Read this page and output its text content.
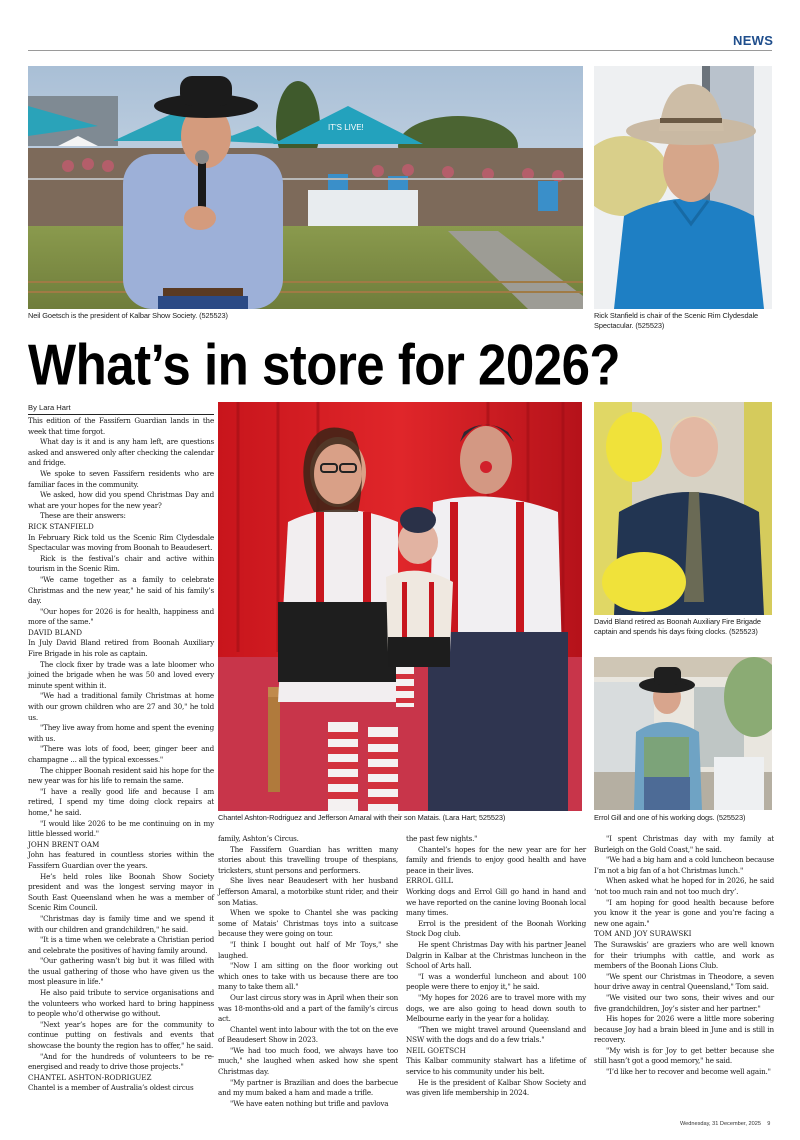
NEWS
IT'S LIVE!
Neil Goetsch is the president of Kalbar Show Society. (525523)	Rick Stanfield is chair of the Scenic Rim Clydesdale Spectacular. (525523)
What’s in store for 2026?
By Lara Hart
Chantel Ashton-Rodriguez and Jefferson Amaral with their son Matais. (Lara Hart; 525523)
David Bland retired as Boonah Auxiliary Fire Brigade captain and spends his days fixing clocks. (525523)
Errol Gill and one of his working dogs. (525523)

This edition of the Fassifern Guardian lands in the week that time forgot.

What day is it and is any ham left, are questions asked and answered only after checking the calendar and fridge.

We spoke to seven Fassifern residents who are familiar faces in the community.

We asked, how did you spend Christmas Day and what are your hopes for the new year?

These are their answers:

RICK STANFIELD

In February Rick told us the Scenic Rim Clydesdale Spectacular was moving from Boonah to Beaudesert.

Rick is the festival’s chair and active within tourism in the Scenic Rim.

"We came together as a family to celebrate Christmas and the new year," he said of his family’s day.

"Our hopes for 2026 is for health, happiness and more of the same."

DAVID BLAND

In July David Bland retired from Boonah Auxiliary Fire Brigade in his role as captain.

The clock fixer by trade was a late bloomer who joined the brigade when he was 50 and loved every minute spent within it.

"We had a traditional family Christmas at home with our grown children who are 27 and 30," he told us.

"They live away from home and spent the evening with us.

"There was lots of food, beer, ginger beer and champagne ... all the typical excesses."

The chipper Boonah resident said his hope for the new year was for his life to remain the same.

"I have a really good life and because I am retired, I spend my time doing clock repairs at home," he said.

"I would like 2026 to be me continuing on in my little blessed world."

JOHN BRENT OAM

John has featured in countless stories within the Fassifern Guardian over the years.

He’s held roles like Boonah Show Society president and was the longest serving mayor in South East Queensland when he was a member of Scenic Rim Council.

"Christmas day is family time and we spend it with our children and grandchildren," he said.

"It is a time when we celebrate a Christian period and celebrate the positives of having family around.

"Our gathering wasn’t big but it was filled with the usual gathering of those who have given us the most pleasure in life."

He also paid tribute to service organisations and the volunteers who worked hard to bring happiness to people who’d otherwise go without.

"Next year’s hopes are for the community to continue putting on festivals and events that showcase the bounty the region has to offer," he said.

"And for the hundreds of volunteers to be re-energised and ready to drive those projects."

CHANTEL ASHTON-RODRIGUEZ

Chantel is a member of Australia’s oldest circus

family, Ashton’s Circus.

The Fassifern Guardian has written many stories about this travelling troupe of thespians, tricksters, stunt persons and performers.

She lives near Beaudesert with her husband Jefferson Amaral, a motorbike stunt rider, and their son Matias.

When we spoke to Chantel she was packing some of Matais’ Christmas toys into a suitcase because they were going on tour.

"I think I bought out half of Mr Toys," she laughed.

"Now I am sitting on the floor working out which ones to take with us because there are too many to take them all."

Our last circus story was in April when their son was 18-months-old and a part of the family’s circus act.

Chantel went into labour with the tot on the eve of Beaudesert Show in 2023.

"We had too much food, we always have too much," she laughed when asked how she spent Christmas day.

"My partner is Brazilian and does the barbecue and my mum baked a ham and made a trifle.

"We have eaten nothing but trifle and pavlova

the past few nights."

Chantel’s hopes for the new year are for her family and friends to enjoy good health and have peace in their lives.

ERROL GILL

Working dogs and Errol Gill go hand in hand and we have reported on the canine loving Boonah local many times.

Errol is the president of the Boonah Working Stock Dog club.

He spent Christmas Day with his partner Jeanel Dalgrin in Kalbar at the Christmas luncheon in the School of Arts hall.

"I was a wonderful luncheon and about 100 people were there to enjoy it," he said.

"My hopes for 2026 are to travel more with my dogs, we are also going to head down south to Melbourne early in the year for a holiday.

"Then we might travel around Queensland and NSW with the dogs and do a few trials."

NEIL GOETSCH

This Kalbar community stalwart has a lifetime of service to his community under his belt.

He is the president of Kalbar Show Society and was given life membership in 2024.

"I spent Christmas day with my family at Burleigh on the Gold Coast," he said.

"We had a big ham and a cold luncheon because I’m not a big fan of a hot Christmas lunch."

When asked what he hoped for in 2026, he said ‘not too much rain and not too much dry’.

"I am hoping for good health because before you know it the year is gone and you’re facing a new one again."

TOM AND JOY SURAWSKI

The Surawskis’ are graziers who are well known for their triumphs with cattle, and work as members of the Boonah Lions Club.

"We spent our Christmas in Theodore, a seven hour drive away in central Queensland," Tom said.

"We visited our two sons, their wives and our five grandchildren, Joy’s sister and her partner."

His hopes for 2026 were a little more sobering because Joy had a brain bleed in June and is still in recovery.

"My wish is for Joy to get better because she still hasn’t got a good memory," he said.

"I’d like her to recover and become well again."

Wednesday, 31 December, 2025 9
